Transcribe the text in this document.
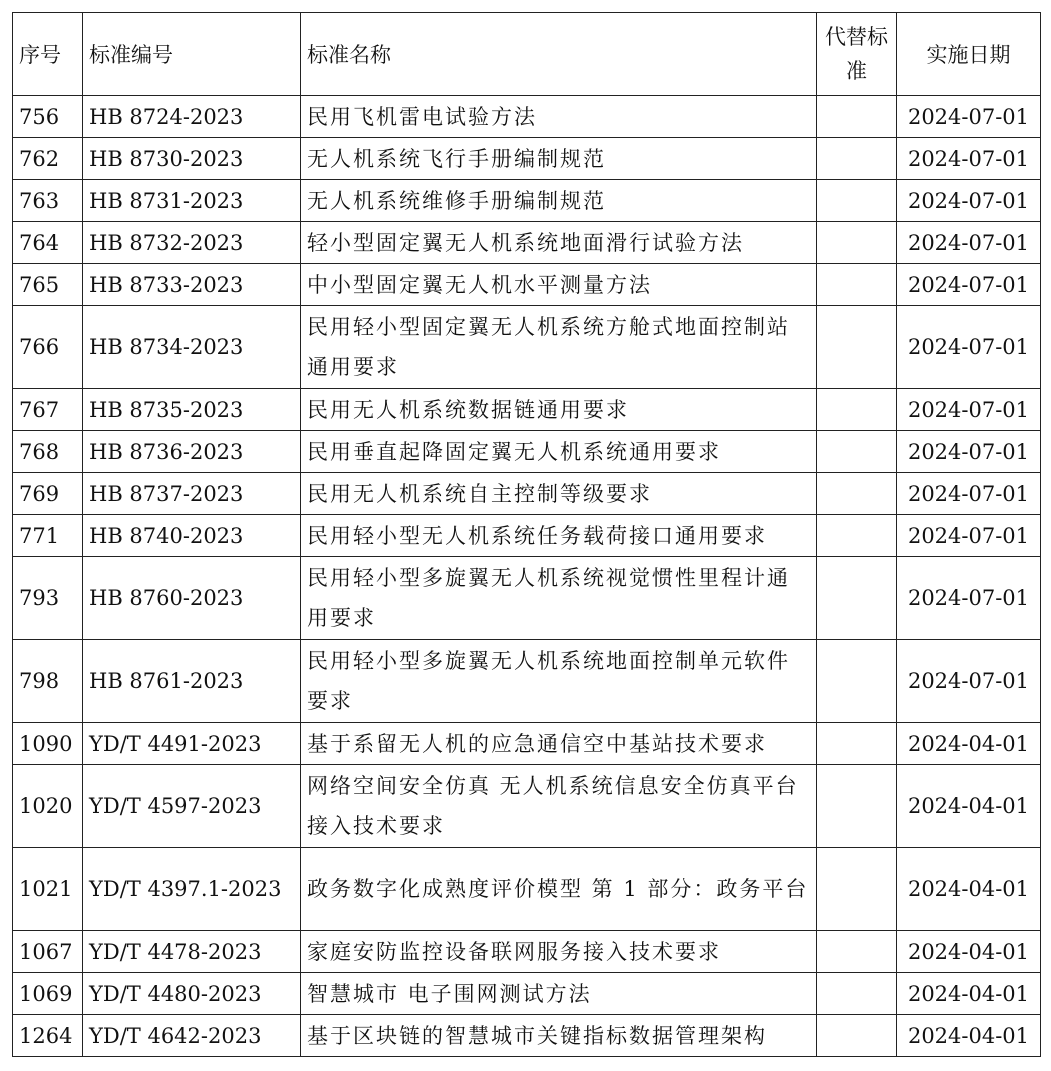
序号	标准编号	标准名称	代替标准	实施日期
756	HB 8724-2023	民用飞机雷电试验方法		2024-07-01
762	HB 8730-2023	无人机系统飞行手册编制规范		2024-07-01
763	HB 8731-2023	无人机系统维修手册编制规范		2024-07-01
764	HB 8732-2023	轻小型固定翼无人机系统地面滑行试验方法		2024-07-01
765	HB 8733-2023	中小型固定翼无人机水平测量方法		2024-07-01
766	HB 8734-2023	民用轻小型固定翼无人机系统方舱式地面控制站通用要求		2024-07-01
767	HB 8735-2023	民用无人机系统数据链通用要求		2024-07-01
768	HB 8736-2023	民用垂直起降固定翼无人机系统通用要求		2024-07-01
769	HB 8737-2023	民用无人机系统自主控制等级要求		2024-07-01
771	HB 8740-2023	民用轻小型无人机系统任务载荷接口通用要求		2024-07-01
793	HB 8760-2023	民用轻小型多旋翼无人机系统视觉惯性里程计通用要求		2024-07-01
798	HB 8761-2023	民用轻小型多旋翼无人机系统地面控制单元软件要求		2024-07-01
1090	YD/T 4491-2023	基于系留无人机的应急通信空中基站技术要求		2024-04-01
1020	YD/T 4597-2023	网络空间安全仿真 无人机系统信息安全仿真平台接入技术要求		2024-04-01
1021	YD/T 4397.1-2023	政务数字化成熟度评价模型 第 1 部分：政务平台		2024-04-01
1067	YD/T 4478-2023	家庭安防监控设备联网服务接入技术要求		2024-04-01
1069	YD/T 4480-2023	智慧城市 电子围网测试方法		2024-04-01
1264	YD/T 4642-2023	基于区块链的智慧城市关键指标数据管理架构		2024-04-01
